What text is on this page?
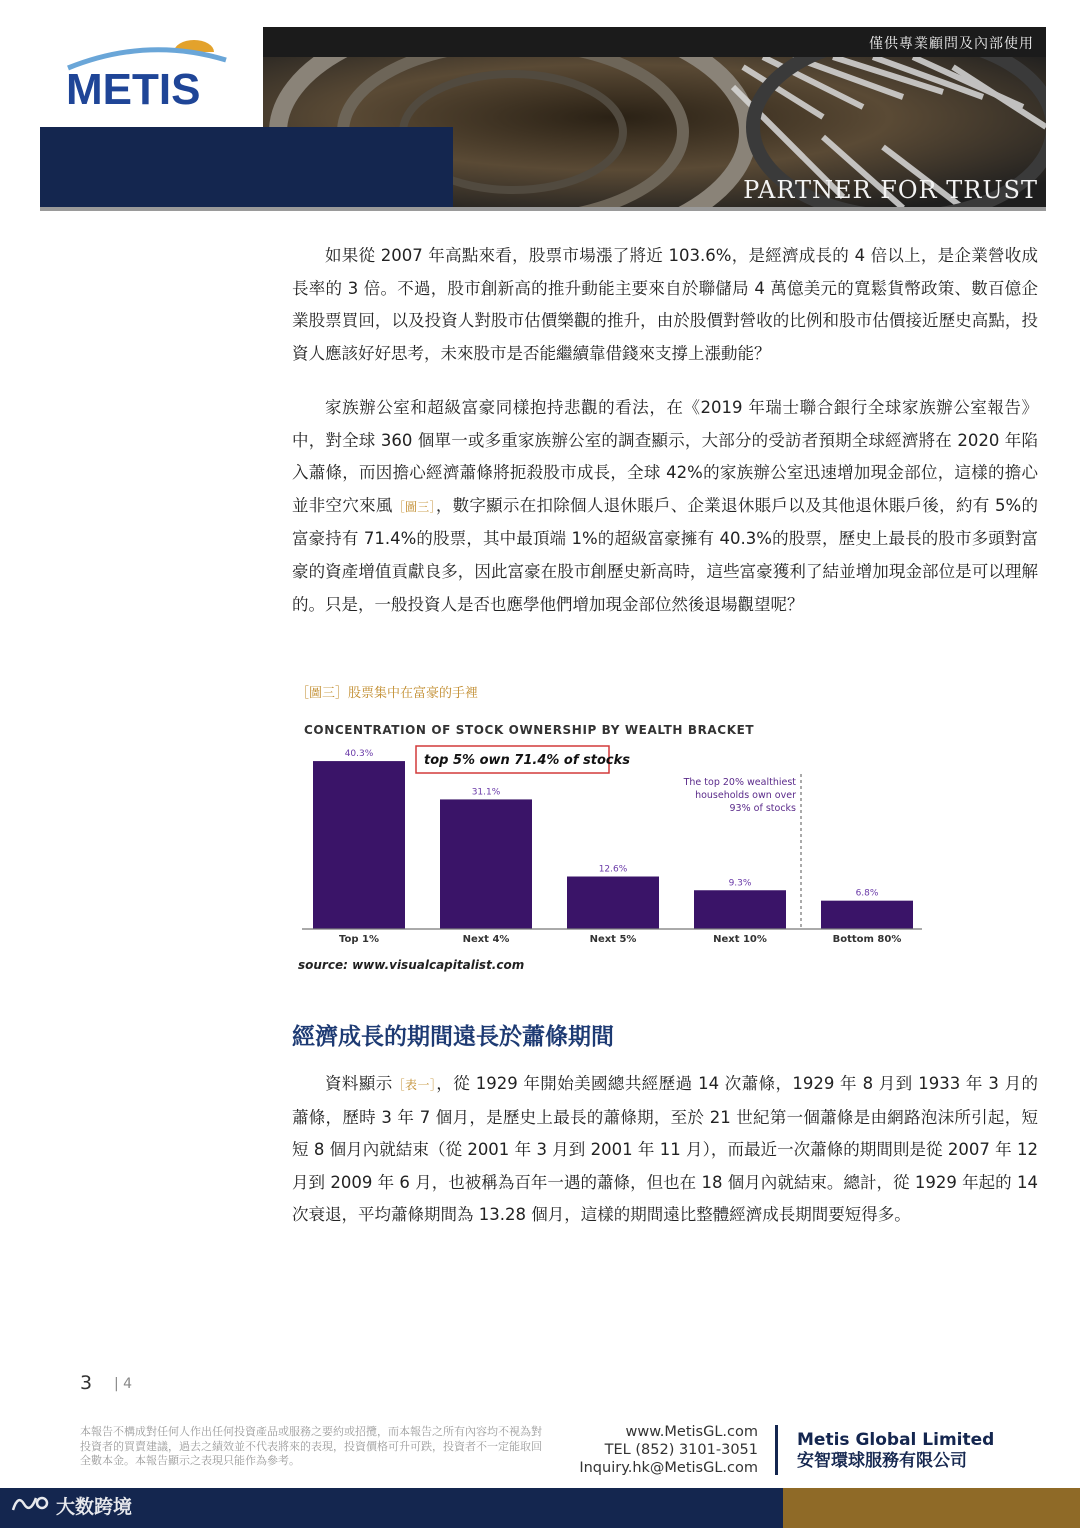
METIS
僅供專業顧問及內部使用
PARTNER FOR TRUST

如果從 2007 年高點來看，股票市場漲了將近 103.6%，是經濟成長的 4 倍以上，是企業營收成長率的 3 倍。不過，股市創新高的推升動能主要來自於聯儲局 4 萬億美元的寬鬆貨幣政策、數百億企業股票買回，以及投資人對股市估價樂觀的推升，由於股價對營收的比例和股市估價接近歷史高點，投資人應該好好思考，未來股市是否能繼續靠借錢來支撐上漲動能？

家族辦公室和超級富豪同樣抱持悲觀的看法，在《2019 年瑞士聯合銀行全球家族辦公室報告》中，對全球 360 個單一或多重家族辦公室的調查顯示，大部分的受訪者預期全球經濟將在 2020 年陷入蕭條，而因擔心經濟蕭條將扼殺股市成長，全球 42%的家族辦公室迅速增加現金部位，這樣的擔心並非空穴來風［圖三］，數字顯示在扣除個人退休賬戶、企業退休賬戶以及其他退休賬戶後，約有 5%的富豪持有 71.4%的股票，其中最頂端 1%的超級富豪擁有 40.3%的股票，歷史上最長的股市多頭對富豪的資產增值貢獻良多，因此富豪在股市創歷史新高時，這些富豪獲利了結並增加現金部位是可以理解的。只是，一般投資人是否也應學他們增加現金部位然後退場觀望呢？

［圖三］股票集中在富豪的手裡
CONCENTRATION OF STOCK OWNERSHIP BY WEALTH BRACKET
40.3%
Top 1%
31.1%
Next 4%
12.6%
Next 5%
9.3%
Next 10%
6.8%
Bottom 80%
top 5% own 71.4% of stocks
The top 20% wealthiest
households own over
93% of stocks
source: www.visualcapitalist.com
經濟成長的期間遠長於蕭條期間

資料顯示［表一］，從 1929 年開始美國總共經歷過 14 次蕭條，1929 年 8 月到 1933 年 3 月的蕭條，歷時 3 年 7 個月，是歷史上最長的蕭條期，至於 21 世紀第一個蕭條是由網路泡沫所引起，短短 8 個月內就結束（從 2001 年 3 月到 2001 年 11 月），而最近一次蕭條的期間則是從 2007 年 12 月到 2009 年 6 月，也被稱為百年一遇的蕭條，但也在 18 個月內就結束。總計，從 1929 年起的 14 次衰退，平均蕭條期間為 13.28 個月，這樣的期間遠比整體經濟成長期間要短得多。

3 | 4
本報告不構成對任何人作出任何投資產品或服務之要約或招攬，而本報告之所有內容均不視為對投資者的買賣建議，過去之績效並不代表將來的表現，投資價格可升可跌，投資者不一定能取回全數本金。本報告顯示之表現只能作為參考。
www.MetisGL.com
TEL (852) 3101-3051
Inquiry.hk@MetisGL.com
Metis Global Limited
安智環球服務有限公司
大数跨境
